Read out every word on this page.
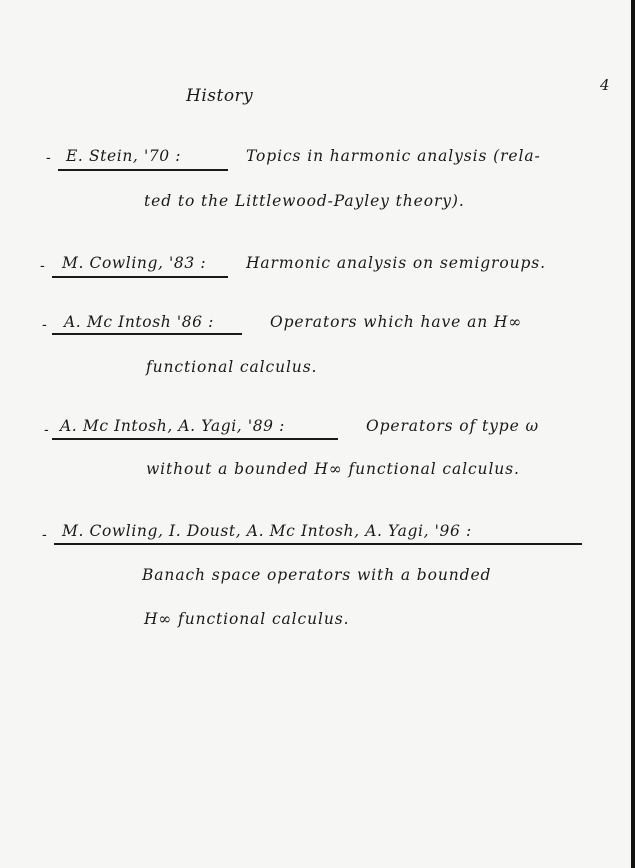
4
History
- E. Stein, '70 :	Topics in harmonic analysis (rela-
ted to the Littlewood-Payley theory).
- M. Cowling, '83 :	Harmonic analysis on semigroups.
- A. Mc Intosh '86 :	Operators which have an H∞
functional calculus.
- A. Mc Intosh, A. Yagi, '89 :	Operators of type ω
without a bounded H∞ functional calculus.
- M. Cowling, I. Doust, A. Mc Intosh, A. Yagi, '96 :
Banach space operators with a bounded
H∞ functional calculus.
